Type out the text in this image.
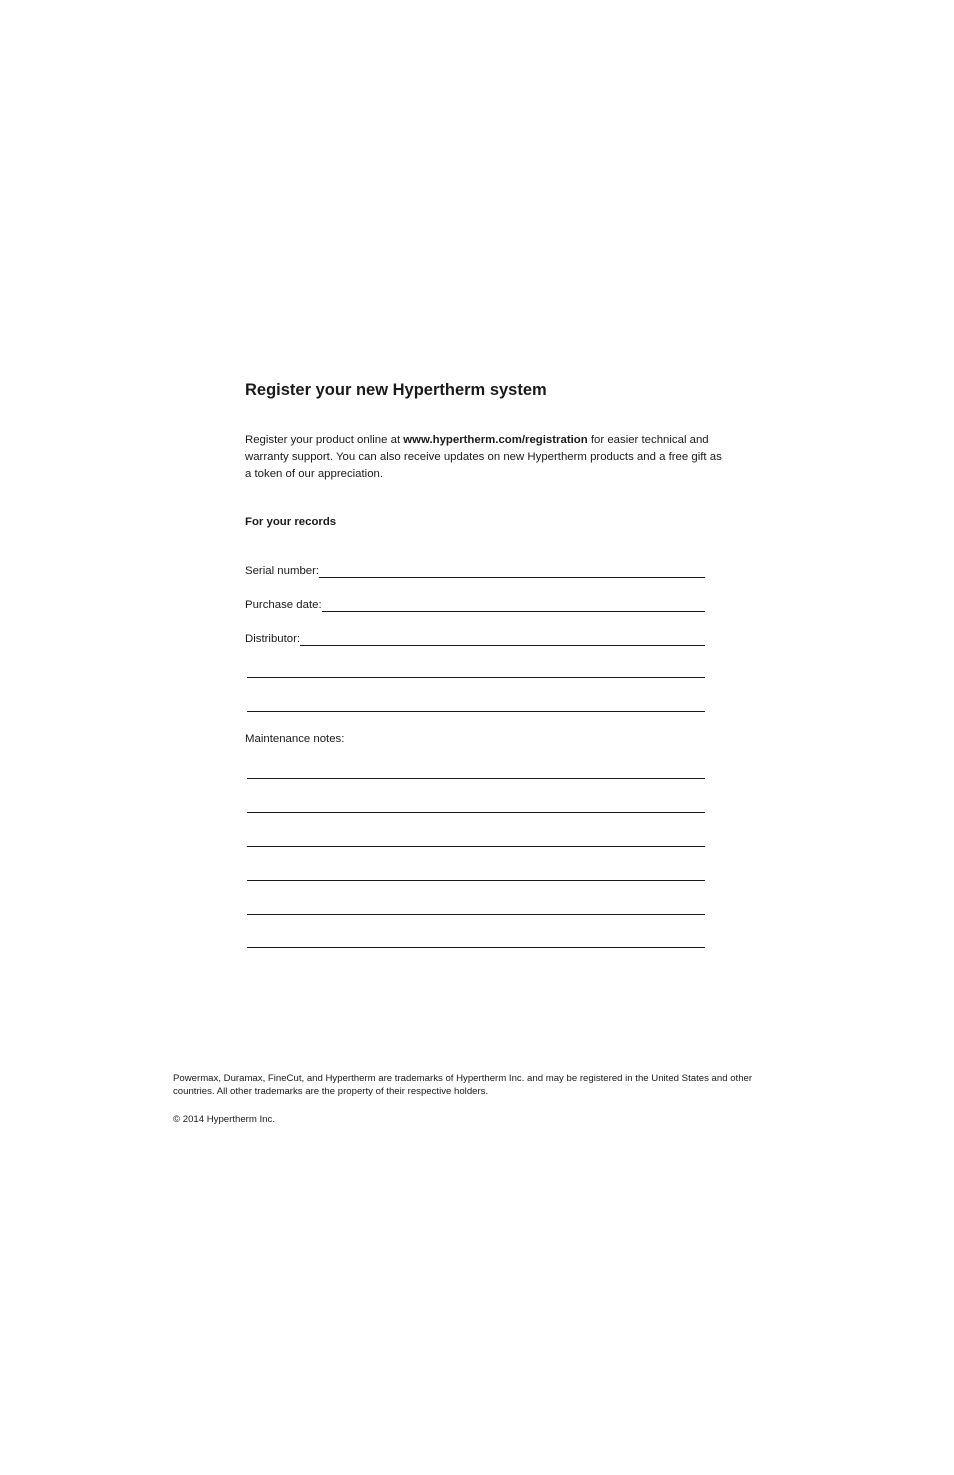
Register your new Hypertherm system

Register your product online at www.hypertherm.com/registration for easier technical and warranty support. You can also receive updates on new Hypertherm products and a free gift as a token of our appreciation.

For your records
Serial number:
Purchase date:
Distributor:

Maintenance notes:

Powermax, Duramax, FineCut, and Hypertherm are trademarks of Hypertherm Inc. and may be registered in the United States and other countries. All other trademarks are the property of their respective holders.

© 2014 Hypertherm Inc.
